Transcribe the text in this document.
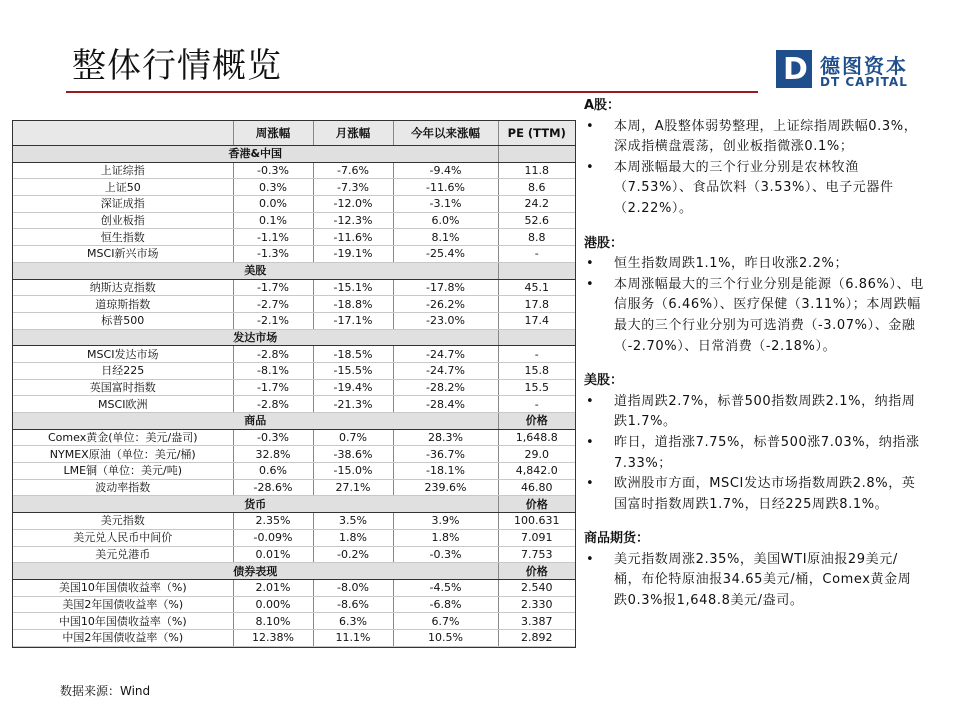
整体行情概览	D 德图资本
DT CAPITAL
	周涨幅	月涨幅	今年以来涨幅	PE (TTM)
香港&中国				
上证综指	-0.3%	-7.6%	-9.4%	11.8
上证50	0.3%	-7.3%	-11.6%	8.6
深证成指	0.0%	-12.0%	-3.1%	24.2
创业板指	0.1%	-12.3%	6.0%	52.6
恒生指数	-1.1%	-11.6%	8.1%	8.8
MSCI新兴市场	-1.3%	-19.1%	-25.4%	-
美股				
纳斯达克指数	-1.7%	-15.1%	-17.8%	45.1
道琼斯指数	-2.7%	-18.8%	-26.2%	17.8
标普500	-2.1%	-17.1%	-23.0%	17.4
发达市场				
MSCI发达市场	-2.8%	-18.5%	-24.7%	-
日经225	-8.1%	-15.5%	-24.7%	15.8
英国富时指数	-1.7%	-19.4%	-28.2%	15.5
MSCI欧洲	-2.8%	-21.3%	-28.4%	-
商品				价格
Comex黄金(单位：美元/盎司)	-0.3%	0.7%	28.3%	1,648.8
NYMEX原油（单位：美元/桶)	32.8%	-38.6%	-36.7%	29.0
LME铜（单位：美元/吨)	0.6%	-15.0%	-18.1%	4,842.0
波动率指数	-28.6%	27.1%	239.6%	46.80
货币				价格
美元指数	2.35%	3.5%	3.9%	100.631
美元兑人民币中间价	-0.09%	1.8%	1.8%	7.091
美元兑港币	0.01%	-0.2%	-0.3%	7.753
债券表现				价格
美国10年国债收益率（%)	2.01%	-8.0%	-4.5%	2.540
美国2年国债收益率（%)	0.00%	-8.6%	-6.8%	2.330
中国10年国债收益率（%)	8.10%	6.3%	6.7%	3.387
中国2年国债收益率（%)	12.38%	11.1%	10.5%	2.892
数据来源：Wind
A股：
• 本周，A股整体弱势整理，上证综指周跌幅0.3%，深成指横盘震荡，创业板指微涨0.1%；
• 本周涨幅最大的三个行业分别是农林牧渔（7.53%）、食品饮料（3.53%）、电子元器件（2.22%）。
港股：
• 恒生指数周跌1.1%，昨日收涨2.2%；
• 本周涨幅最大的三个行业分别是能源（6.86%）、电信服务（6.46%）、医疗保健（3.11%）；本周跌幅最大的三个行业分别为可选消费（-3.07%）、金融（-2.70%）、日常消费（-2.18%）。
美股：
• 道指周跌2.7%，标普500指数周跌2.1%，纳指周跌1.7%。
• 昨日，道指涨7.75%，标普500涨7.03%，纳指涨7.33%；
• 欧洲股市方面，MSCI发达市场指数周跌2.8%，英国富时指数周跌1.7%，日经225周跌8.1%。
商品期货：
• 美元指数周涨2.35%，美国WTI原油报29美元/桶，布伦特原油报34.65美元/桶，Comex黄金周跌0.3%报1,648.8美元/盎司。
